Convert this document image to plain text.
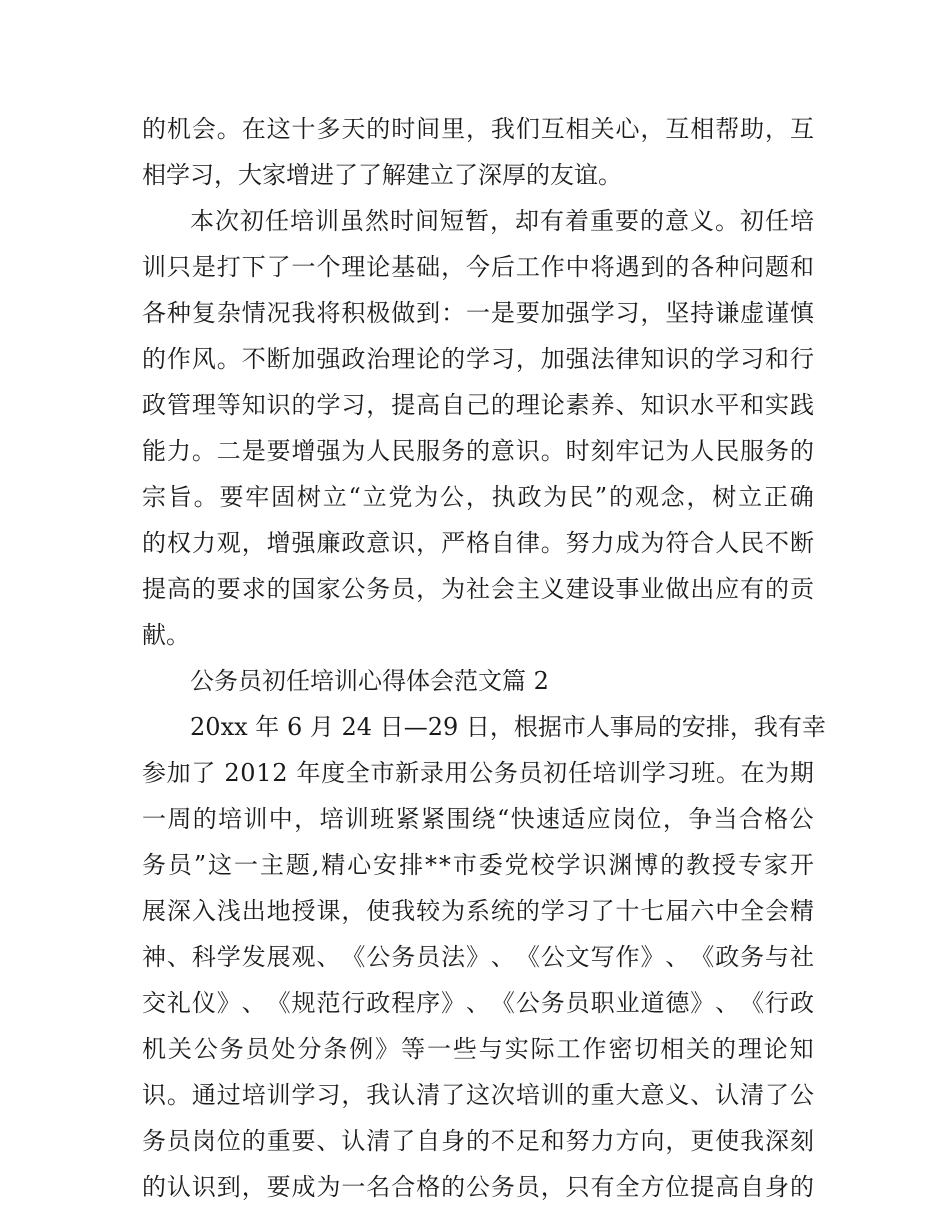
的 机 会 。 在 这 十 多 天 的 时 间 里 ， 我 们 互 相 关 心 ， 互 相 帮 助 ， 互
相学习，大家增进了了解建立了深厚的友谊。
本 次 初 任 培 训 虽 然 时 间 短 暂 ， 却 有 着 重 要 的 意 义 。 初 任 培
训 只 是 打 下 了 一 个 理 论 基 础 ， 今 后 工 作 中 将 遇 到 的 各 种 问 题 和
各 种 复 杂 情 况 我 将 积 极 做 到 ： 一 是 要 加 强 学 习 ， 坚 持 谦 虚 谨 慎
的 作 风 。 不 断 加 强 政 治 理 论 的 学 习 ， 加 强 法 律 知 识 的 学 习 和 行
政 管 理 等 知 识 的 学 习 ， 提 高 自 己 的 理 论 素 养 、 知 识 水 平 和 实 践
能 力 。 二 是 要 增 强 为 人 民 服 务 的 意 识 。 时 刻 牢 记 为 人 民 服 务 的
宗 旨 。 要 牢 固 树 立 “ 立 党 为 公 ， 执 政 为 民 ” 的 观 念 ， 树 立 正 确
的 权 力 观 ， 增 强 廉 政 意 识 ， 严 格 自 律 。 努 力 成 为 符 合 人 民 不 断
提 高 的 要 求 的 国 家 公 务 员 ， 为 社 会 主 义 建 设 事 业 做 出 应 有 的 贡
献。
公务员初任培训心得体会范文篇 2
2 0 x x
年
6
月
2 4
日 — 2 9
日 ， 根 据 市 人 事 局 的 安 排 ， 我 有 幸
参 加 了
2 0 1 2
年 度 全 市 新 录 用 公 务 员 初 任 培 训 学 习 班 。 在 为 期
一 周 的 培 训 中 ， 培 训 班 紧 紧 围 绕 “ 快 速 适 应 岗 位 ， 争 当 合 格 公
务 员 ” 这 一 主 题 , 精 心 安 排 * * 市 委 党 校 学 识 渊 博 的 教 授 专 家 开
展 深 入 浅 出 地 授 课 ， 使 我 较 为 系 统 的 学 习 了 十 七 届 六 中 全 会 精
神 、 科 学 发 展 观 、 《 公 务 员 法 》 、 《 公 文 写 作 》 、 《 政 务 与 社
交 礼 仪 》 、 《 规 范 行 政 程 序 》 、 《 公 务 员 职 业 道 德 》 、 《 行 政
机 关 公 务 员 处 分 条 例 》 等 一 些 与 实 际 工 作 密 切 相 关 的 理 论 知
识 。 通 过 培 训 学 习 ， 我 认 清 了 这 次 培 训 的 重 大 意 义 、 认 清 了 公
务 员 岗 位 的 重 要 、 认 清 了 自 身 的 不 足 和 努 力 方 向 ， 更 使 我 深 刻
的 认 识 到 ， 要 成 为 一 名 合 格 的 公 务 员 ， 只 有 全 方 位 提 高 自 身 的
